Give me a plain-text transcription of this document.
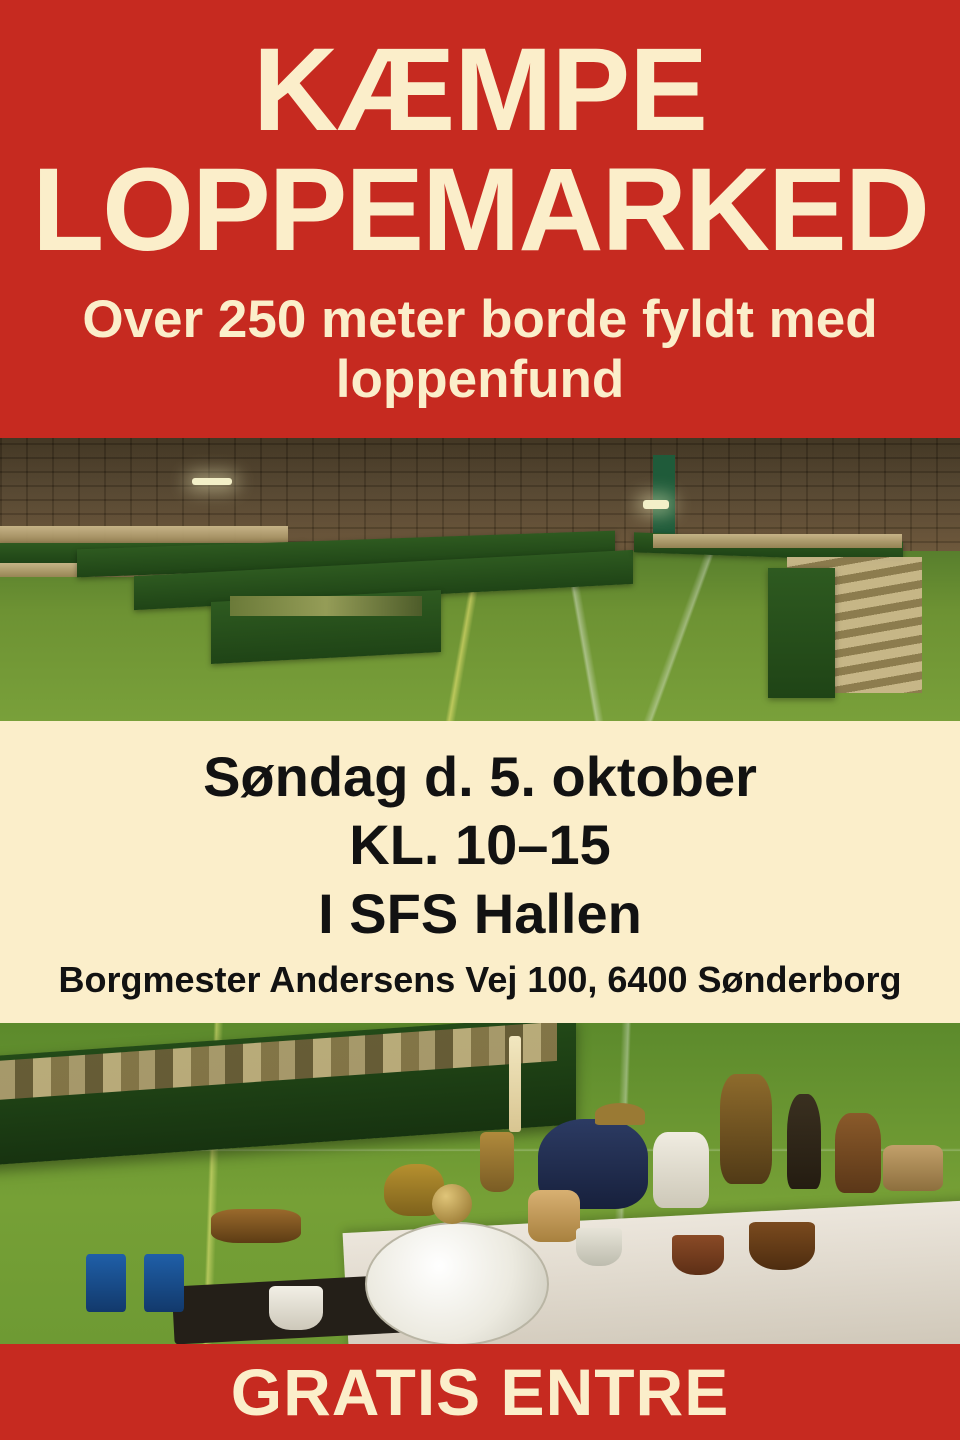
KÆMPE
LOPPEMARKED
Over 250 meter borde fyldt med loppenfund
Søndag d. 5. oktober
KL. 10–15
I SFS Hallen
Borgmester Andersens Vej 100, 6400 Sønderborg
GRATIS ENTRE
